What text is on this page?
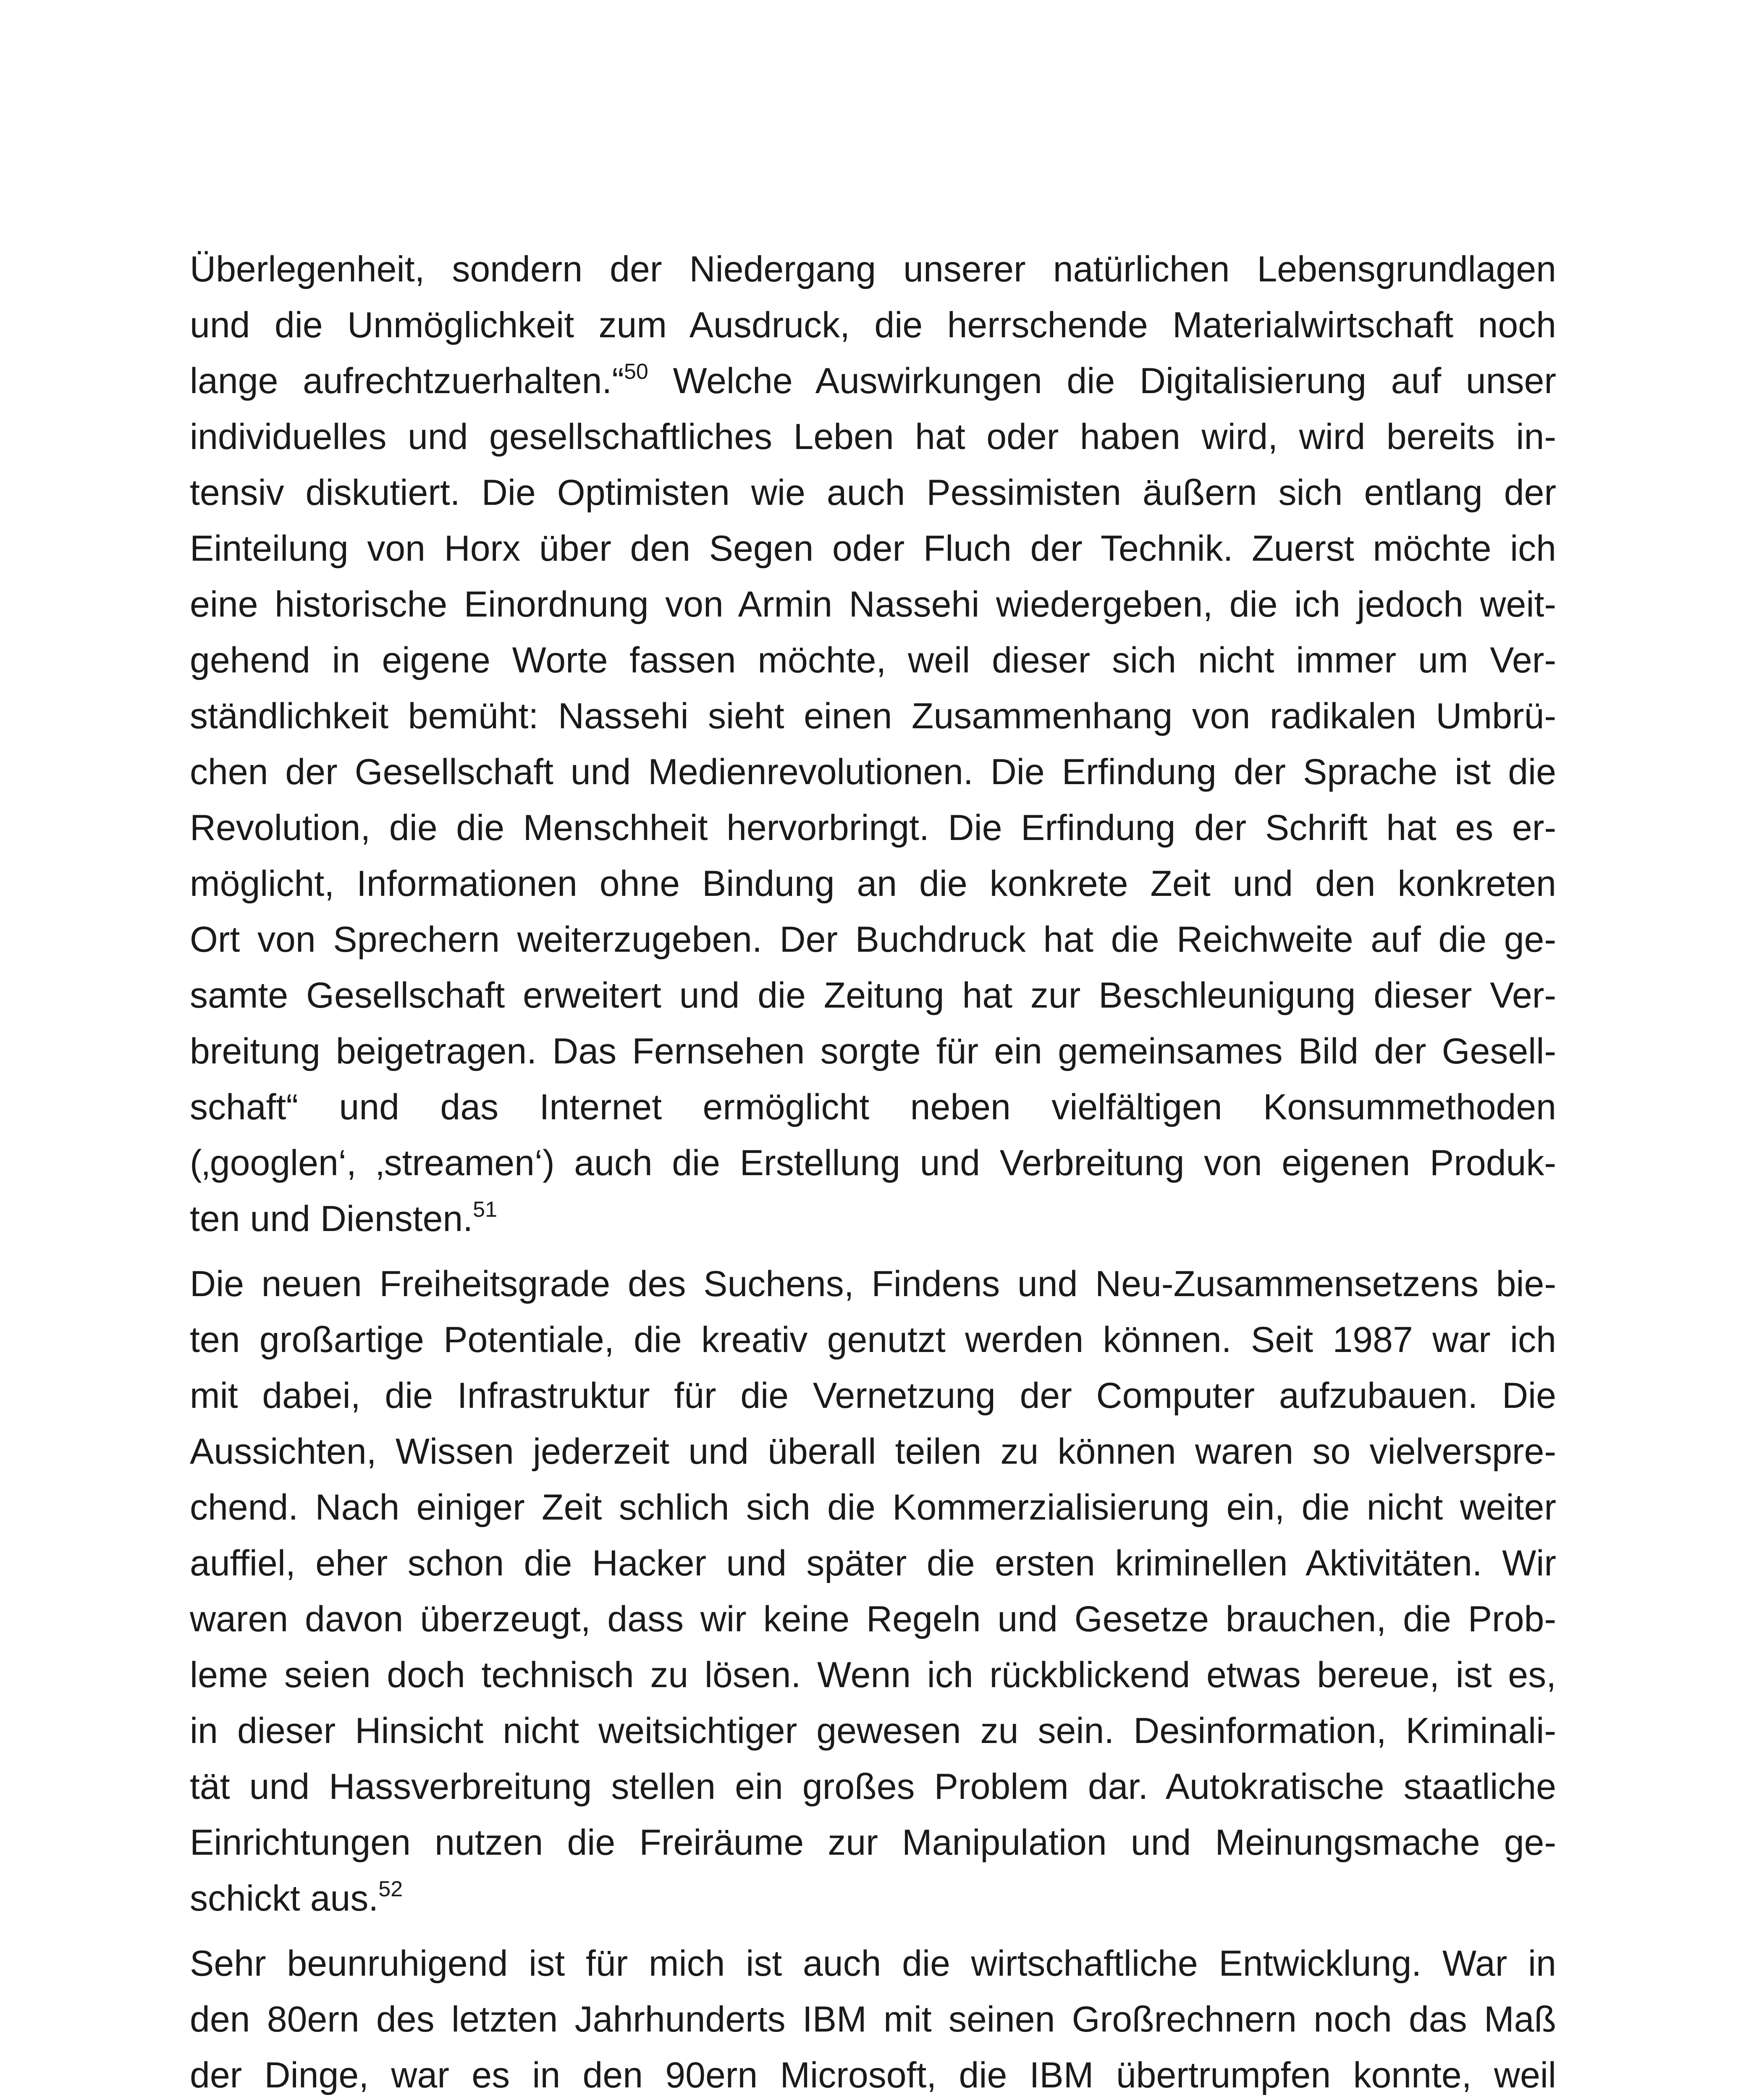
Überlegenheit, sondern der Niedergang unserer natürlichen Lebensgrundlagen
und die Unmöglichkeit zum Ausdruck, die herrschende Materialwirtschaft noch
lange aufrechtzuerhalten.“$^{50}$ Welche Auswirkungen die Digitalisierung auf unser
individuelles und gesellschaftliches Leben hat oder haben wird, wird bereits in-
tensiv diskutiert. Die Optimisten wie auch Pessimisten äußern sich entlang der
Einteilung von Horx über den Segen oder Fluch der Technik. Zuerst möchte ich
eine historische Einordnung von Armin Nassehi wiedergeben, die ich jedoch weit-
gehend in eigene Worte fassen möchte, weil dieser sich nicht immer um Ver-
ständlichkeit bemüht: Nassehi sieht einen Zusammenhang von radikalen Umbrü-
chen der Gesellschaft und Medienrevolutionen. Die Erfindung der Sprache ist die
Revolution, die die Menschheit hervorbringt. Die Erfindung der Schrift hat es er-
möglicht, Informationen ohne Bindung an die konkrete Zeit und den konkreten
Ort von Sprechern weiterzugeben. Der Buchdruck hat die Reichweite auf die ge-
samte Gesellschaft erweitert und die Zeitung hat zur Beschleunigung dieser Ver-
breitung beigetragen. Das Fernsehen sorgte für ein gemeinsames Bild der Gesell-
schaft“ und das Internet ermöglicht neben vielfältigen Konsummethoden
(‚googlen‘, ‚streamen‘) auch die Erstellung und Verbreitung von eigenen Produk-
ten und Diensten.$^{51}$
Die neuen Freiheitsgrade des Suchens, Findens und Neu-Zusammensetzens bie-
ten großartige Potentiale, die kreativ genutzt werden können. Seit 1987 war ich
mit dabei, die Infrastruktur für die Vernetzung der Computer aufzubauen. Die
Aussichten, Wissen jederzeit und überall teilen zu können waren so vielverspre-
chend. Nach einiger Zeit schlich sich die Kommerzialisierung ein, die nicht weiter
auffiel, eher schon die Hacker und später die ersten kriminellen Aktivitäten. Wir
waren davon überzeugt, dass wir keine Regeln und Gesetze brauchen, die Prob-
leme seien doch technisch zu lösen. Wenn ich rückblickend etwas bereue, ist es,
in dieser Hinsicht nicht weitsichtiger gewesen zu sein. Desinformation, Kriminali-
tät und Hassverbreitung stellen ein großes Problem dar. Autokratische staatliche
Einrichtungen nutzen die Freiräume zur Manipulation und Meinungsmache ge-
schickt aus.$^{52}$
Sehr beunruhigend ist für mich ist auch die wirtschaftliche Entwicklung. War in
den 80ern des letzten Jahrhunderts IBM mit seinen Großrechnern noch das Maß
der Dinge, war es in den 90ern Microsoft, die IBM übertrumpfen konnte, weil
